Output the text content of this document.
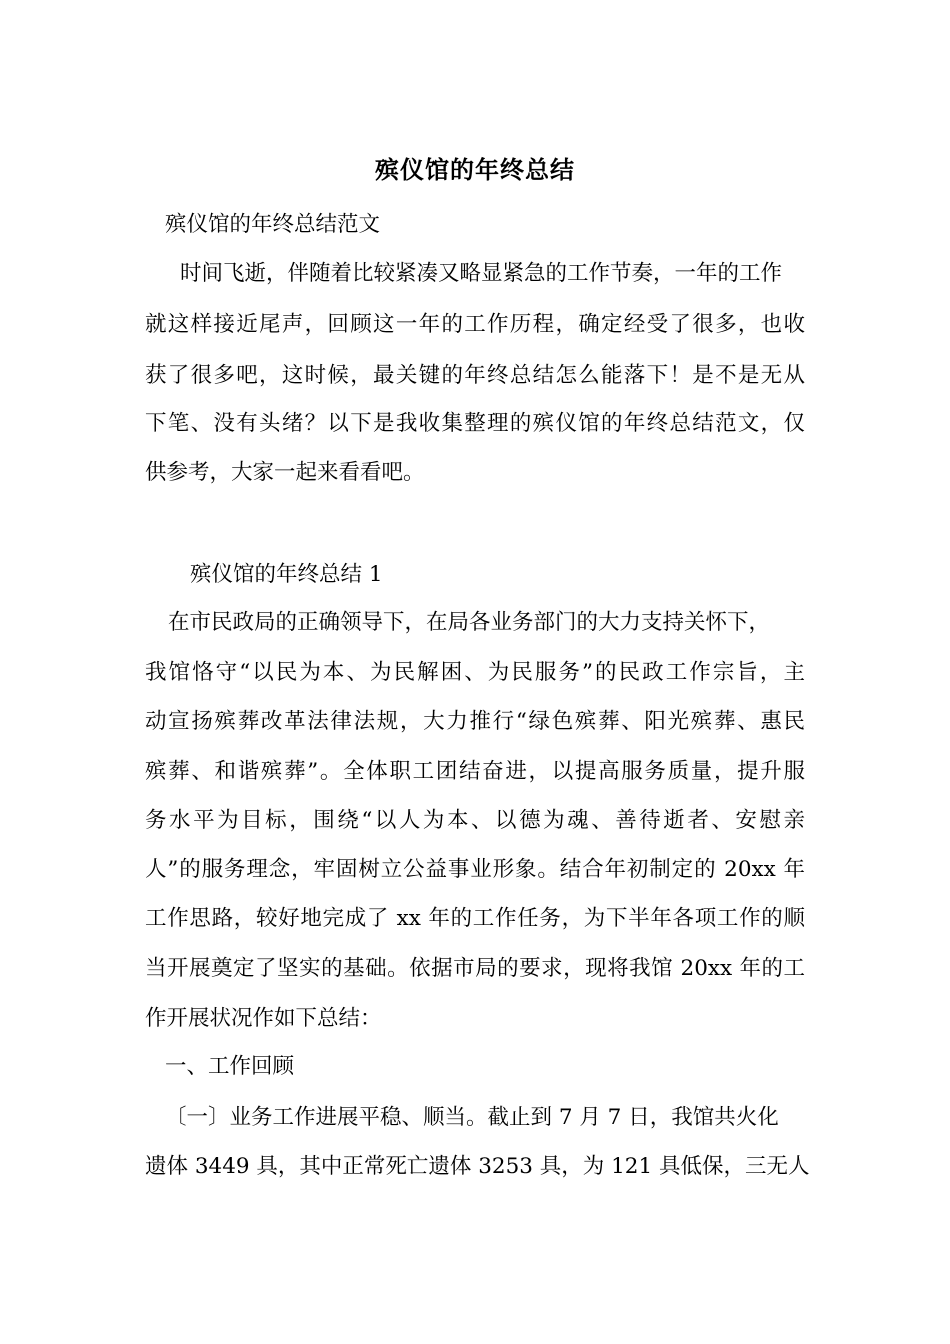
殡仪馆的年终总结
殡仪馆的年终总结范文
时间飞逝，伴随着比较紧凑又略显紧急的工作节奏，一年的工作
就这样接近尾声，回顾这一年的工作历程，确定经受了很多，也收
获了很多吧，这时候，最关键的年终总结怎么能落下！是不是无从
下笔、没有头绪？以下是我收集整理的殡仪馆的年终总结范文，仅
供参考，大家一起来看看吧。
殡仪馆的年终总结 1
在市民政局的正确领导下，在局各业务部门的大力支持关怀下，
我馆恪守“以民为本、为民解困、为民服务”的民政工作宗旨，主
动宣扬殡葬改革法律法规，大力推行“绿色殡葬、阳光殡葬、惠民
殡葬、和谐殡葬”。全体职工团结奋进，以提高服务质量，提升服
务水平为目标，围绕“以人为本、以德为魂、善待逝者、安慰亲
人”的服务理念，牢固树立公益事业形象。结合年初制定的 20xx 年
工作思路，较好地完成了 xx 年的工作任务，为下半年各项工作的顺
当开展奠定了坚实的基础。依据市局的要求，现将我馆 20xx 年的工
作开展状况作如下总结：
一、工作回顾
〔一〕业务工作进展平稳、顺当。截止到 7 月 7 日，我馆共火化
遗体 3449 具，其中正常死亡遗体 3253 具，为 121 具低保，三无人
